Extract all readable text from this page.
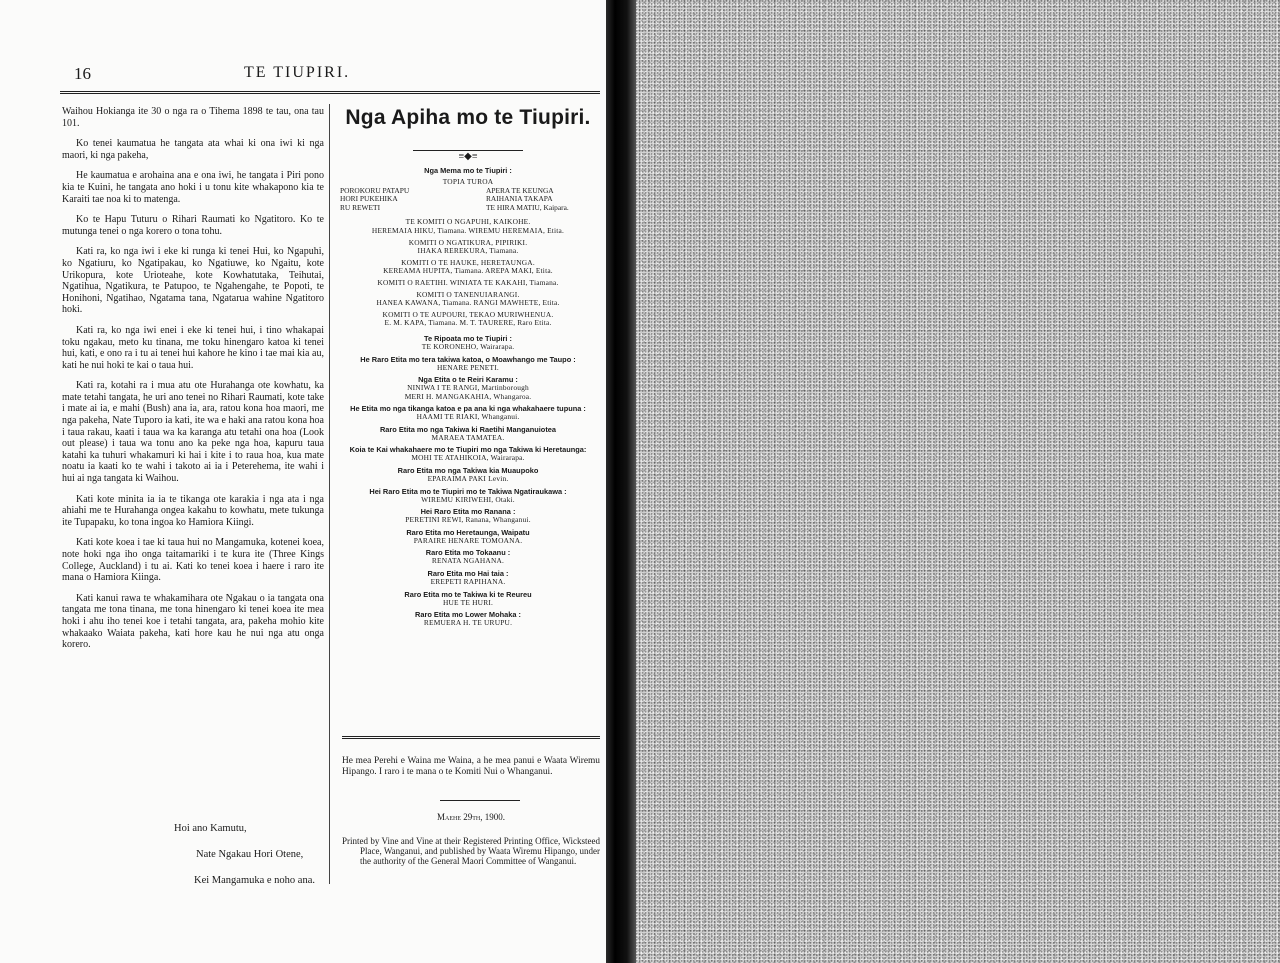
16	TE TIUPIRI.

Waihou Hokianga ite 30 o nga ra o Tihema 1898 te tau, ona tau 101.

Ko tenei kaumatua he tangata ata whai ki ona iwi ki nga maori, ki nga pakeha,

He kaumatua e arohaina ana e ona iwi, he tangata i Piri pono kia te Kuini, he tangata ano hoki i u tonu kite whakapono kia te Karaiti tae noa ki to matenga.

Ko te Hapu Tuturu o Rihari Raumati ko Ngatitoro. Ko te mutunga tenei o nga korero o tona tohu.

Kati ra, ko nga iwi i eke ki runga ki tenei Hui, ko Ngapuhi, ko Ngatiuru, ko Ngatipakau, ko Ngatiuwe, ko Ngaitu, kote Urikopura, kote Urioteahe, kote Kowhatutaka, Teihutai, Ngatihua, Ngatikura, te Patupoo, te Ngahengahe, te Popoti, te Honihoni, Ngatihao, Ngatama tana, Ngatarua wahine Ngatitoro hoki.

Kati ra, ko nga iwi enei i eke ki tenei hui, i tino whakapai toku ngakau, meto ku tinana, me toku hinengaro katoa ki tenei hui, kati, e ono ra i tu ai tenei hui kahore he kino i tae mai kia au, kati he nui hoki te kai o taua hui.

Kati ra, kotahi ra i mua atu ote Hurahanga ote kowhatu, ka mate tetahi tangata, he uri ano tenei no Rihari Raumati, kote take i mate ai ia, e mahi (Bush) ana ia, ara, ratou kona hoa maori, me nga pakeha, Nate Tuporo ia kati, ite wa e haki ana ratou kona hoa i taua rakau, kaati i taua wa ka karanga atu tetahi ona hoa (Look out please) i taua wa tonu ano ka peke nga hoa, kapuru taua katahi ka tuhuri whakamuri ki hai i kite i to raua hoa, kua mate noatu ia kaati ko te wahi i takoto ai ia i Peterehema, ite wahi i hui ai nga tangata ki Waihou.

Kati kote minita ia ia te tikanga ote karakia i nga ata i nga ahiahi me te Hurahanga ongea kakahu to kowhatu, mete tukunga ite Tupapaku, ko tona ingoa ko Hamiora Kiingi.

Kati kote koea i tae ki taua hui no Mangamuka, kotenei koea, note hoki nga iho onga taitamariki i te kura ite (Three Kings College, Auckland) i tu ai. Kati ko tenei koea i haere i raro ite mana o Hamiora Kiinga.

Kati kanui rawa te whakamihara ote Ngakau o ia tangata ona tangata me tona tinana, me tona hinengaro ki tenei koea ite mea hoki i ahu iho tenei koe i tetahi tangata, ara, pakeha mohio kite whakaako Waiata pakeha, kati hore kau he nui nga atu onga korero.

Hoi ano Kamutu,
Nate Ngakau Hori Otene,
Kei Mangamuka e noho ana.
Nga Apiha mo te Tiupiri.
≡◆≡

Nga Mema mo te Tiupiri :

TOPIA TUROA

POROKORU PATAPU	APERA TE KEUNGA
HORI PUKEHIKA	RAIHANIA TAKAPA
RU REWETI	TE HIRA MATIU, Kaipara.

TE KOMITI O NGAPUHI, KAIKOHE.

HEREMAIA HIKU, Tiamana. WIREMU HEREMAIA, Etita.

KOMITI O NGATIKURA, PIPIRIKI.

IHAKA REREKURA, Tiamana.

KOMITI O TE HAUKE, HERETAUNGA.

KEREAMA HUPITA, Tiamana. AREPA MAKI, Etita.

KOMITI O RAETIHI. WINIATA TE KAKAHI, Tiamana.

KOMITI O TANENUIARANGI.

HANEA KAWANA, Tiamana. RANGI MAWHETE, Etita.

KOMITI O TE AUPOURI, TEKAO MURIWHENUA.

E. M. KAPA, Tiamana. M. T. TAURERE, Raro Etita.

Te Ripoata mo te Tiupiri :

TE KORONEHO, Wairarapa.

He Raro Etita mo tera takiwa katoa, o Moawhango me Taupo :

HENARE PENETI.

Nga Etita o te Reiri Karamu :

NINIWA I TE RANGI, Martinborough

MERI H. MANGAKAHIA, Whangaroa.

He Etita mo nga tikanga katoa e pa ana ki nga whakahaere tupuna :

HAAMI TE RIAKI, Whanganui.

Raro Etita mo nga Takiwa ki Raetihi Manganuiotea

MARAEA TAMATEA.

Koia te Kai whakahaere mo te Tiupiri mo nga Takiwa ki Heretaunga:

MOHI TE ATAHIKOIA, Wairarapa.

Raro Etita mo nga Takiwa kia Muaupoko

EPARAIMA PAKI Levin.

Hei Raro Etita mo te Tiupiri mo te Takiwa Ngatiraukawa :

WIREMU KIRIWEHI, Otaki.

Hei Raro Etita mo Ranana :

PERETINI REWI, Ranana, Whanganui.

Raro Etita mo Heretaunga, Waipatu

PARAIRE HENARE TOMOANA.

Raro Etita mo Tokaanu :

RENATA NGAHANA.

Raro Etita mo Hai taia :

EREPETI RAPIHANA.

Raro Etita mo te Takiwa ki te Reureu

HUE TE HURI.

Raro Etita mo Lower Mohaka :

REMUERA H. TE URUPU.

He mea Perehi e Waina me Waina, a he mea panui e Waata Wiremu Hipango. I raro i te mana o te Komiti Nui o Whanganui.
Maehe 29th, 1900.
Printed by Vine and Vine at their Registered Printing Office, Wicksteed Place, Wanganui, and published by Waata Wiremu Hipango, under the authority of the General Maori Committee of Wanganui.
